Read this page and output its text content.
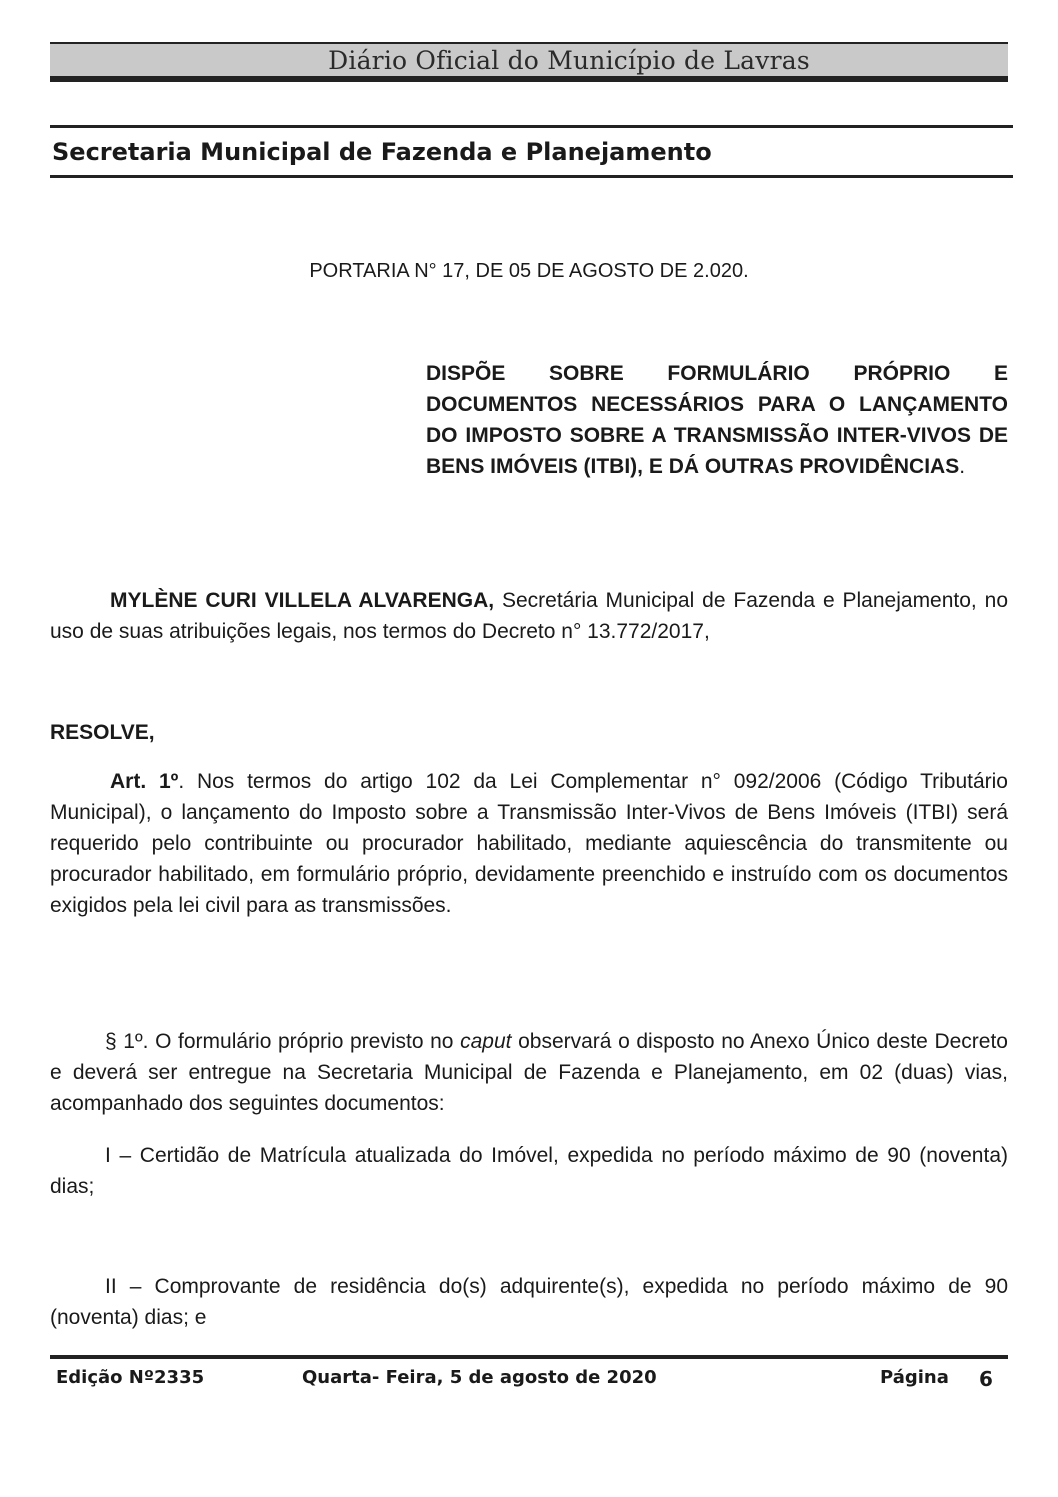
Diário Oficial do Município de Lavras
Secretaria Municipal de Fazenda e Planejamento
PORTARIA N° 17, DE 05 DE AGOSTO DE 2.020.
DISPÕE SOBRE FORMULÁRIO PRÓPRIO E DOCUMENTOS NECESSÁRIOS PARA O LANÇAMENTO DO IMPOSTO SOBRE A TRANSMISSÃO INTER-VIVOS DE BENS IMÓVEIS (ITBI), E DÁ OUTRAS PROVIDÊNCIAS.
MYLÈNE CURI VILLELA ALVARENGA, Secretária Municipal de Fazenda e Planejamento, no uso de suas atribuições legais, nos termos do Decreto n° 13.772/2017,
RESOLVE,
Art. 1º. Nos termos do artigo 102 da Lei Complementar n° 092/2006 (Código Tributário Municipal), o lançamento do Imposto sobre a Transmissão Inter-Vivos de Bens Imóveis (ITBI) será requerido pelo contribuinte ou procurador habilitado, mediante aquiescência do transmitente ou procurador habilitado, em formulário próprio, devidamente preenchido e instruído com os documentos exigidos pela lei civil para as transmissões.
§ 1º. O formulário próprio previsto no caput observará o disposto no Anexo Único deste Decreto e deverá ser entregue na Secretaria Municipal de Fazenda e Planejamento, em 02 (duas) vias, acompanhado dos seguintes documentos:
I – Certidão de Matrícula atualizada do Imóvel, expedida no período máximo de 90 (noventa) dias;
II – Comprovante de residência do(s) adquirente(s), expedida no período máximo de 90 (noventa) dias; e
Edição Nº2335	Quarta- Feira, 5 de agosto de 2020	Página 6
